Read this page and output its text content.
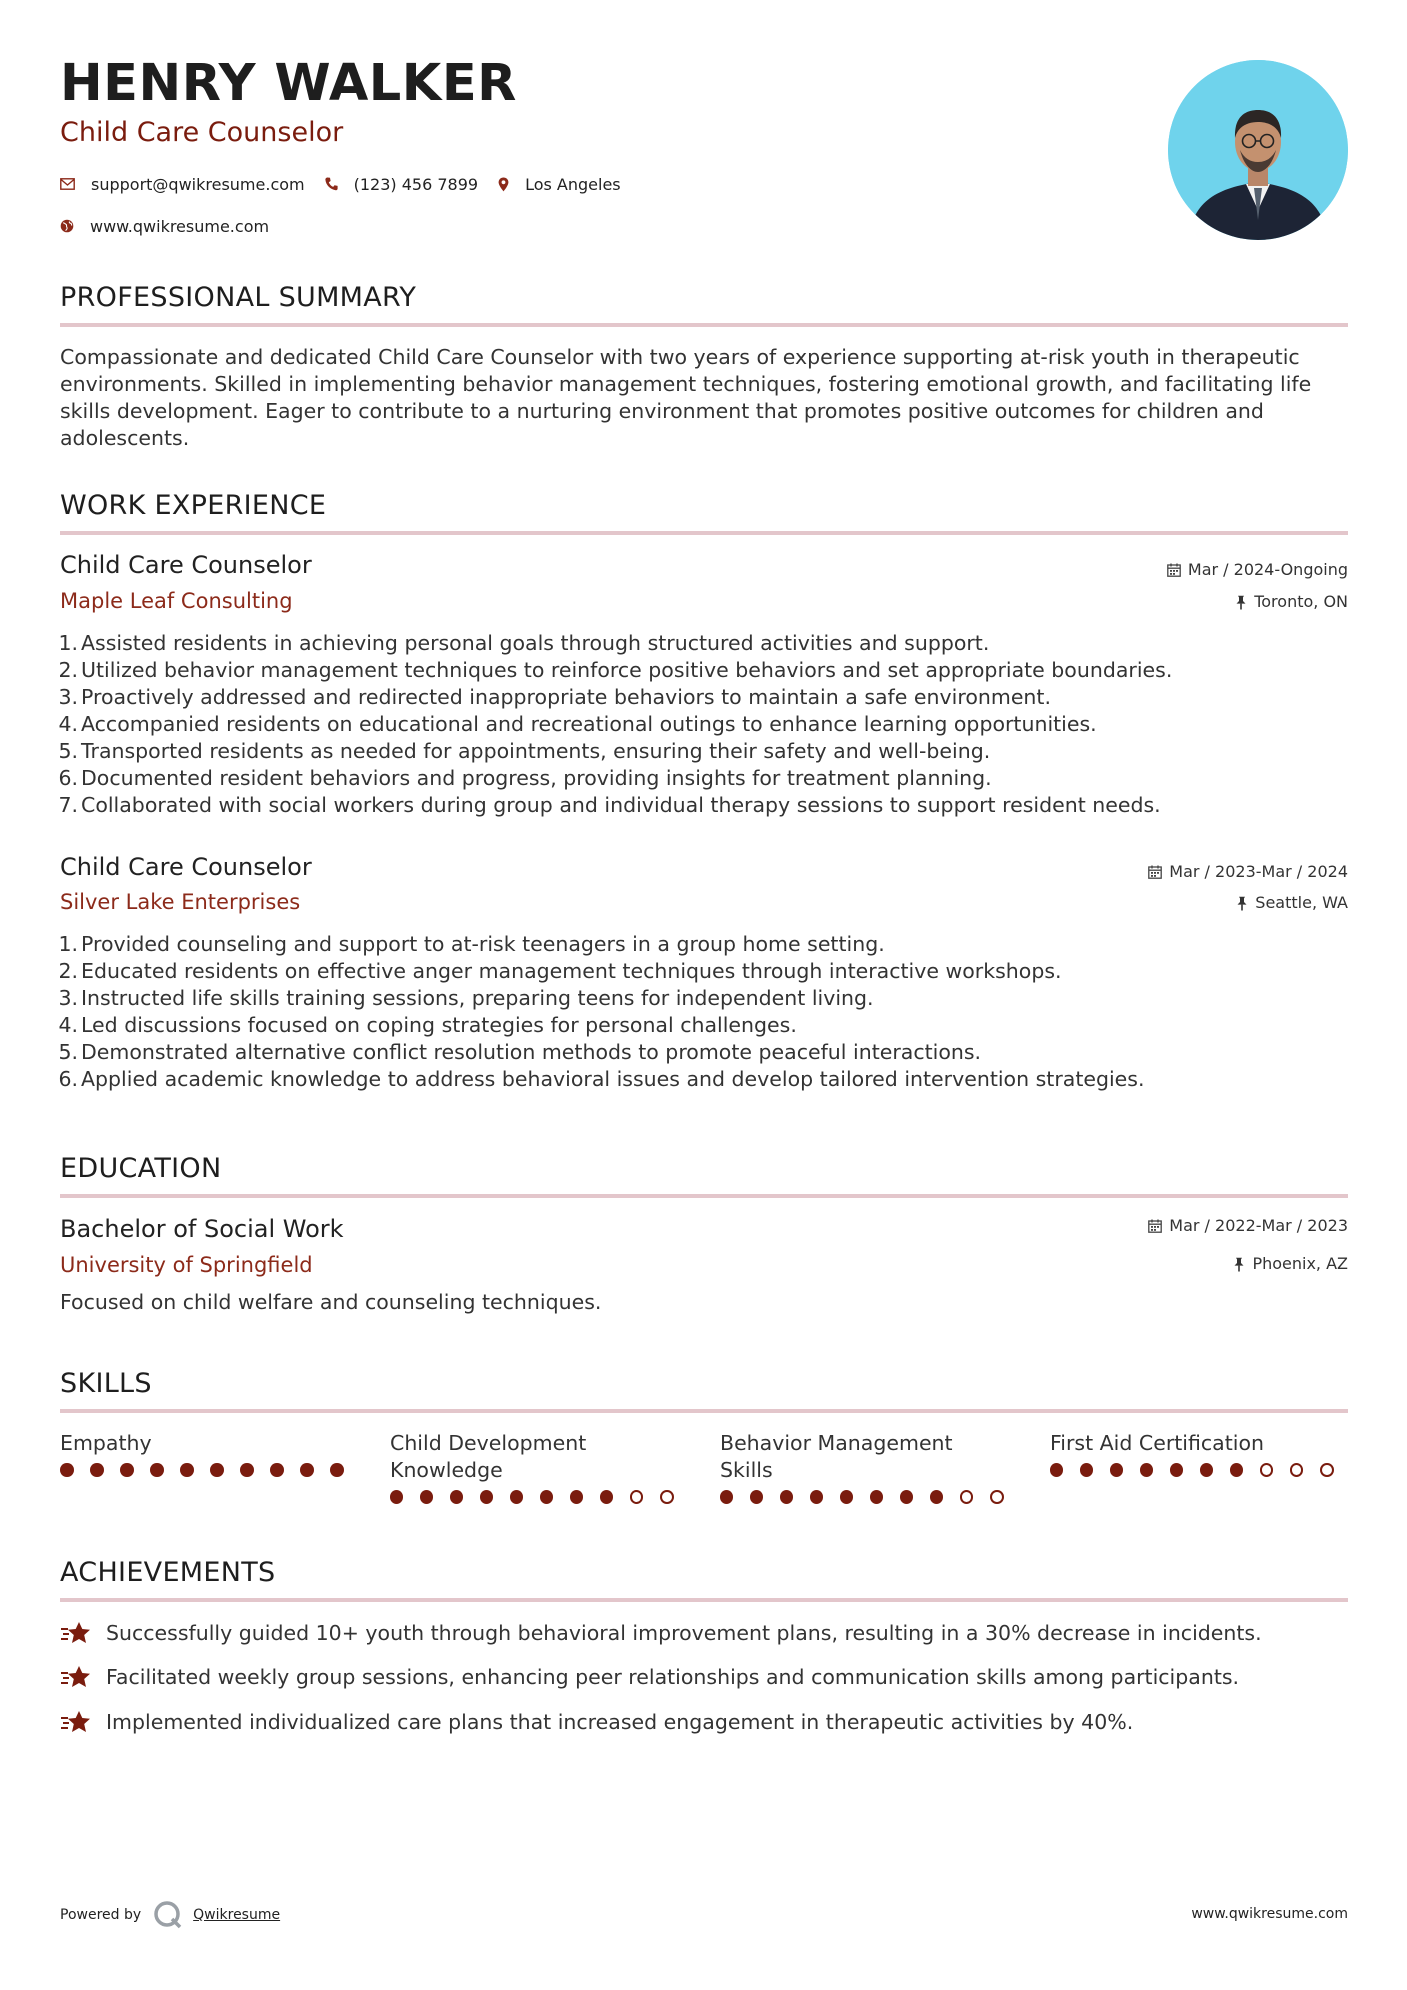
HENRY WALKER
Child Care Counselor
support@qwikresume.com	(123) 456 7899	Los Angeles
www.qwikresume.com
PROFESSIONAL SUMMARY

Compassionate and dedicated Child Care Counselor with two years of experience supporting at-risk youth in therapeutic environments. Skilled in implementing behavior management techniques, fostering emotional growth, and facilitating life skills development. Eager to contribute to a nurturing environment that promotes positive outcomes for children and adolescents.

WORK EXPERIENCE
Child Care Counselor
Maple Leaf Consulting
Mar / 2024-Ongoing
Toronto, ON
1. Assisted residents in achieving personal goals through structured activities and support.
2. Utilized behavior management techniques to reinforce positive behaviors and set appropriate boundaries.
3. Proactively addressed and redirected inappropriate behaviors to maintain a safe environment.
4. Accompanied residents on educational and recreational outings to enhance learning opportunities.
5. Transported residents as needed for appointments, ensuring their safety and well-being.
6. Documented resident behaviors and progress, providing insights for treatment planning.
7. Collaborated with social workers during group and individual therapy sessions to support resident needs.
Child Care Counselor
Silver Lake Enterprises
Mar / 2023-Mar / 2024
Seattle, WA
1. Provided counseling and support to at-risk teenagers in a group home setting.
2. Educated residents on effective anger management techniques through interactive workshops.
3. Instructed life skills training sessions, preparing teens for independent living.
4. Led discussions focused on coping strategies for personal challenges.
5. Demonstrated alternative conflict resolution methods to promote peaceful interactions.
6. Applied academic knowledge to address behavioral issues and develop tailored intervention strategies.
EDUCATION
Bachelor of Social Work
University of Springfield
Mar / 2022-Mar / 2023
Phoenix, AZ

Focused on child welfare and counseling techniques.

SKILLS
Empathy	Child Development Knowledge
Behavior Management Skills
First Aid Certification
ACHIEVEMENTS
Successfully guided 10+ youth through behavioral improvement plans, resulting in a 30% decrease in incidents.
Facilitated weekly group sessions, enhancing peer relationships and communication skills among participants.
Implemented individualized care plans that increased engagement in therapeutic activities by 40%.
Powered by	Qwikresume	www.qwikresume.com
